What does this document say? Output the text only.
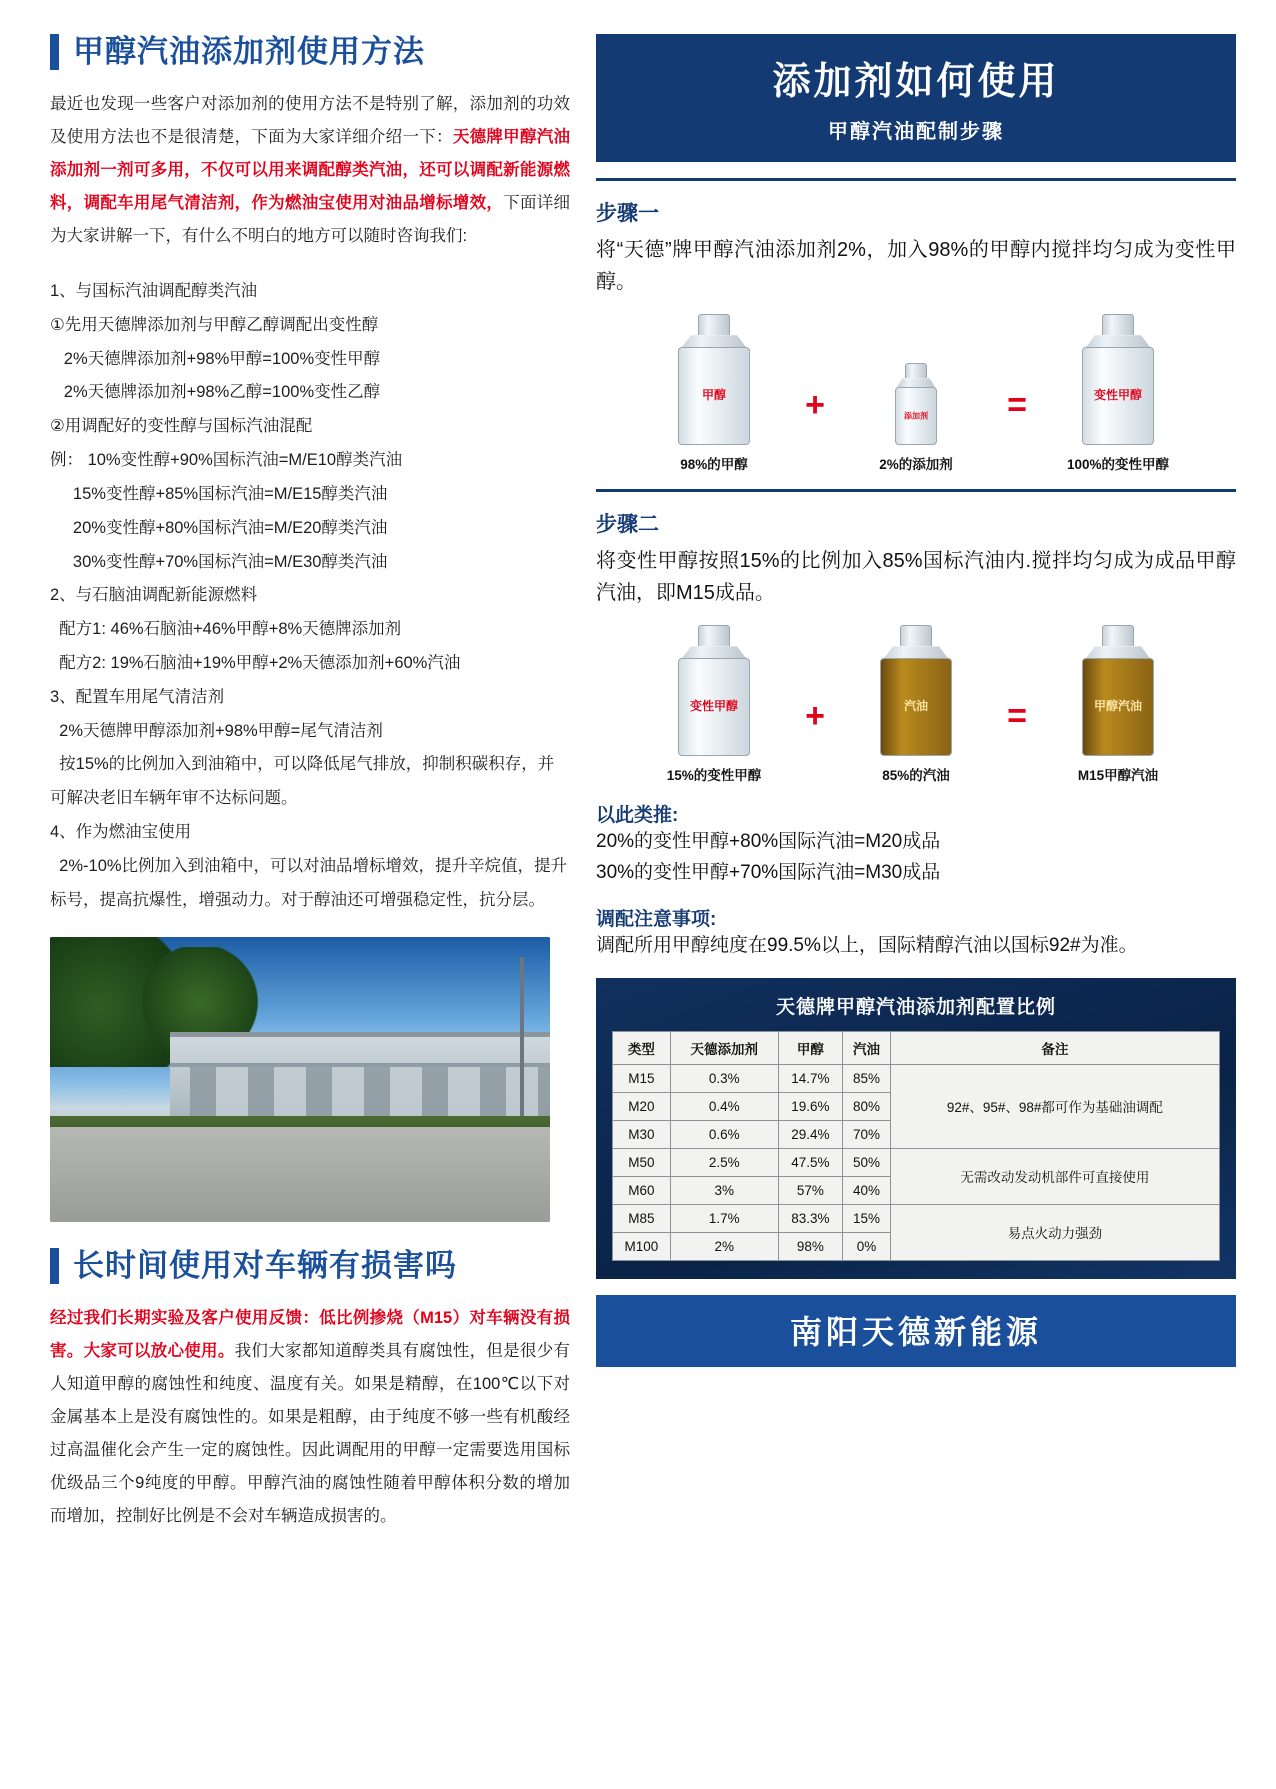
甲醇汽油添加剂使用方法
最近也发现一些客户对添加剂的使用方法不是特别了解，添加剂的功效及使用方法也不是很清楚，下面为大家详细介绍一下：天德牌甲醇汽油添加剂一剂可多用，不仅可以用来调配醇类汽油，还可以调配新能源燃料，调配车用尾气清洁剂，作为燃油宝使用对油品增标增效，下面详细为大家讲解一下，有什么不明白的地方可以随时咨询我们:
1、与国标汽油调配醇类汽油
①先用天德牌添加剂与甲醇乙醇调配出变性醇
2%天德牌添加剂+98%甲醇=100%变性甲醇
2%天德牌添加剂+98%乙醇=100%变性乙醇
②用调配好的变性醇与国标汽油混配
例： 10%变性醇+90%国标汽油=M/E10醇类汽油
15%变性醇+85%国标汽油=M/E15醇类汽油
20%变性醇+80%国标汽油=M/E20醇类汽油
30%变性醇+70%国标汽油=M/E30醇类汽油
2、与石脑油调配新能源燃料
配方1: 46%石脑油+46%甲醇+8%天德牌添加剂
配方2: 19%石脑油+19%甲醇+2%天德添加剂+60%汽油
3、配置车用尾气清洁剂
2%天德牌甲醇添加剂+98%甲醇=尾气清洁剂
按15%的比例加入到油箱中，可以降低尾气排放，抑制积碳积存，并可解决老旧车辆年审不达标问题。
4、作为燃油宝使用
2%-10%比例加入到油箱中，可以对油品增标增效，提升辛烷值，提升标号，提高抗爆性，增强动力。对于醇油还可增强稳定性，抗分层。
长时间使用对车辆有损害吗
经过我们长期实验及客户使用反馈：低比例掺烧（M15）对车辆没有损害。大家可以放心使用。我们大家都知道醇类具有腐蚀性，但是很少有人知道甲醇的腐蚀性和纯度、温度有关。如果是精醇，在100℃以下对金属基本上是没有腐蚀性的。如果是粗醇，由于纯度不够一些有机酸经过高温催化会产生一定的腐蚀性。因此调配用的甲醇一定需要选用国标优级品三个9纯度的甲醇。甲醇汽油的腐蚀性随着甲醇体积分数的增加而增加，控制好比例是不会对车辆造成损害的。
添加剂如何使用
甲醇汽油配制步骤
步骤一
将“天德”牌甲醇汽油添加剂2%，加入98%的甲醇内搅拌均匀成为变性甲醇。
甲醇
98%的甲醇
+	添加剂
2%的添加剂
=	变性甲醇
100%的变性甲醇
步骤二
将变性甲醇按照15%的比例加入85%国标汽油内.搅拌均匀成为成品甲醇汽油，即M15成品。
变性甲醇
15%的变性甲醇
+	汽油
85%的汽油
=	甲醇汽油
M15甲醇汽油
以此类推:
20%的变性甲醇+80%国际汽油=M20成品
30%的变性甲醇+70%国际汽油=M30成品
调配注意事项:
调配所用甲醇纯度在99.5%以上，国际精醇汽油以国标92#为准。
天德牌甲醇汽油添加剂配置比例
类型	天德添加剂	甲醇	汽油	备注
M15	0.3%	14.7%	85%	92#、95#、98#都可作为基础油调配
M20	0.4%	19.6%	80%	
M30	0.6%	29.4%	70%	
M50	2.5%	47.5%	50%	无需改动发动机部件可直接使用
M60	3%	57%	40%	
M85	1.7%	83.3%	15%	易点火动力强劲
M100	2%	98%	0%	
南阳天德新能源
